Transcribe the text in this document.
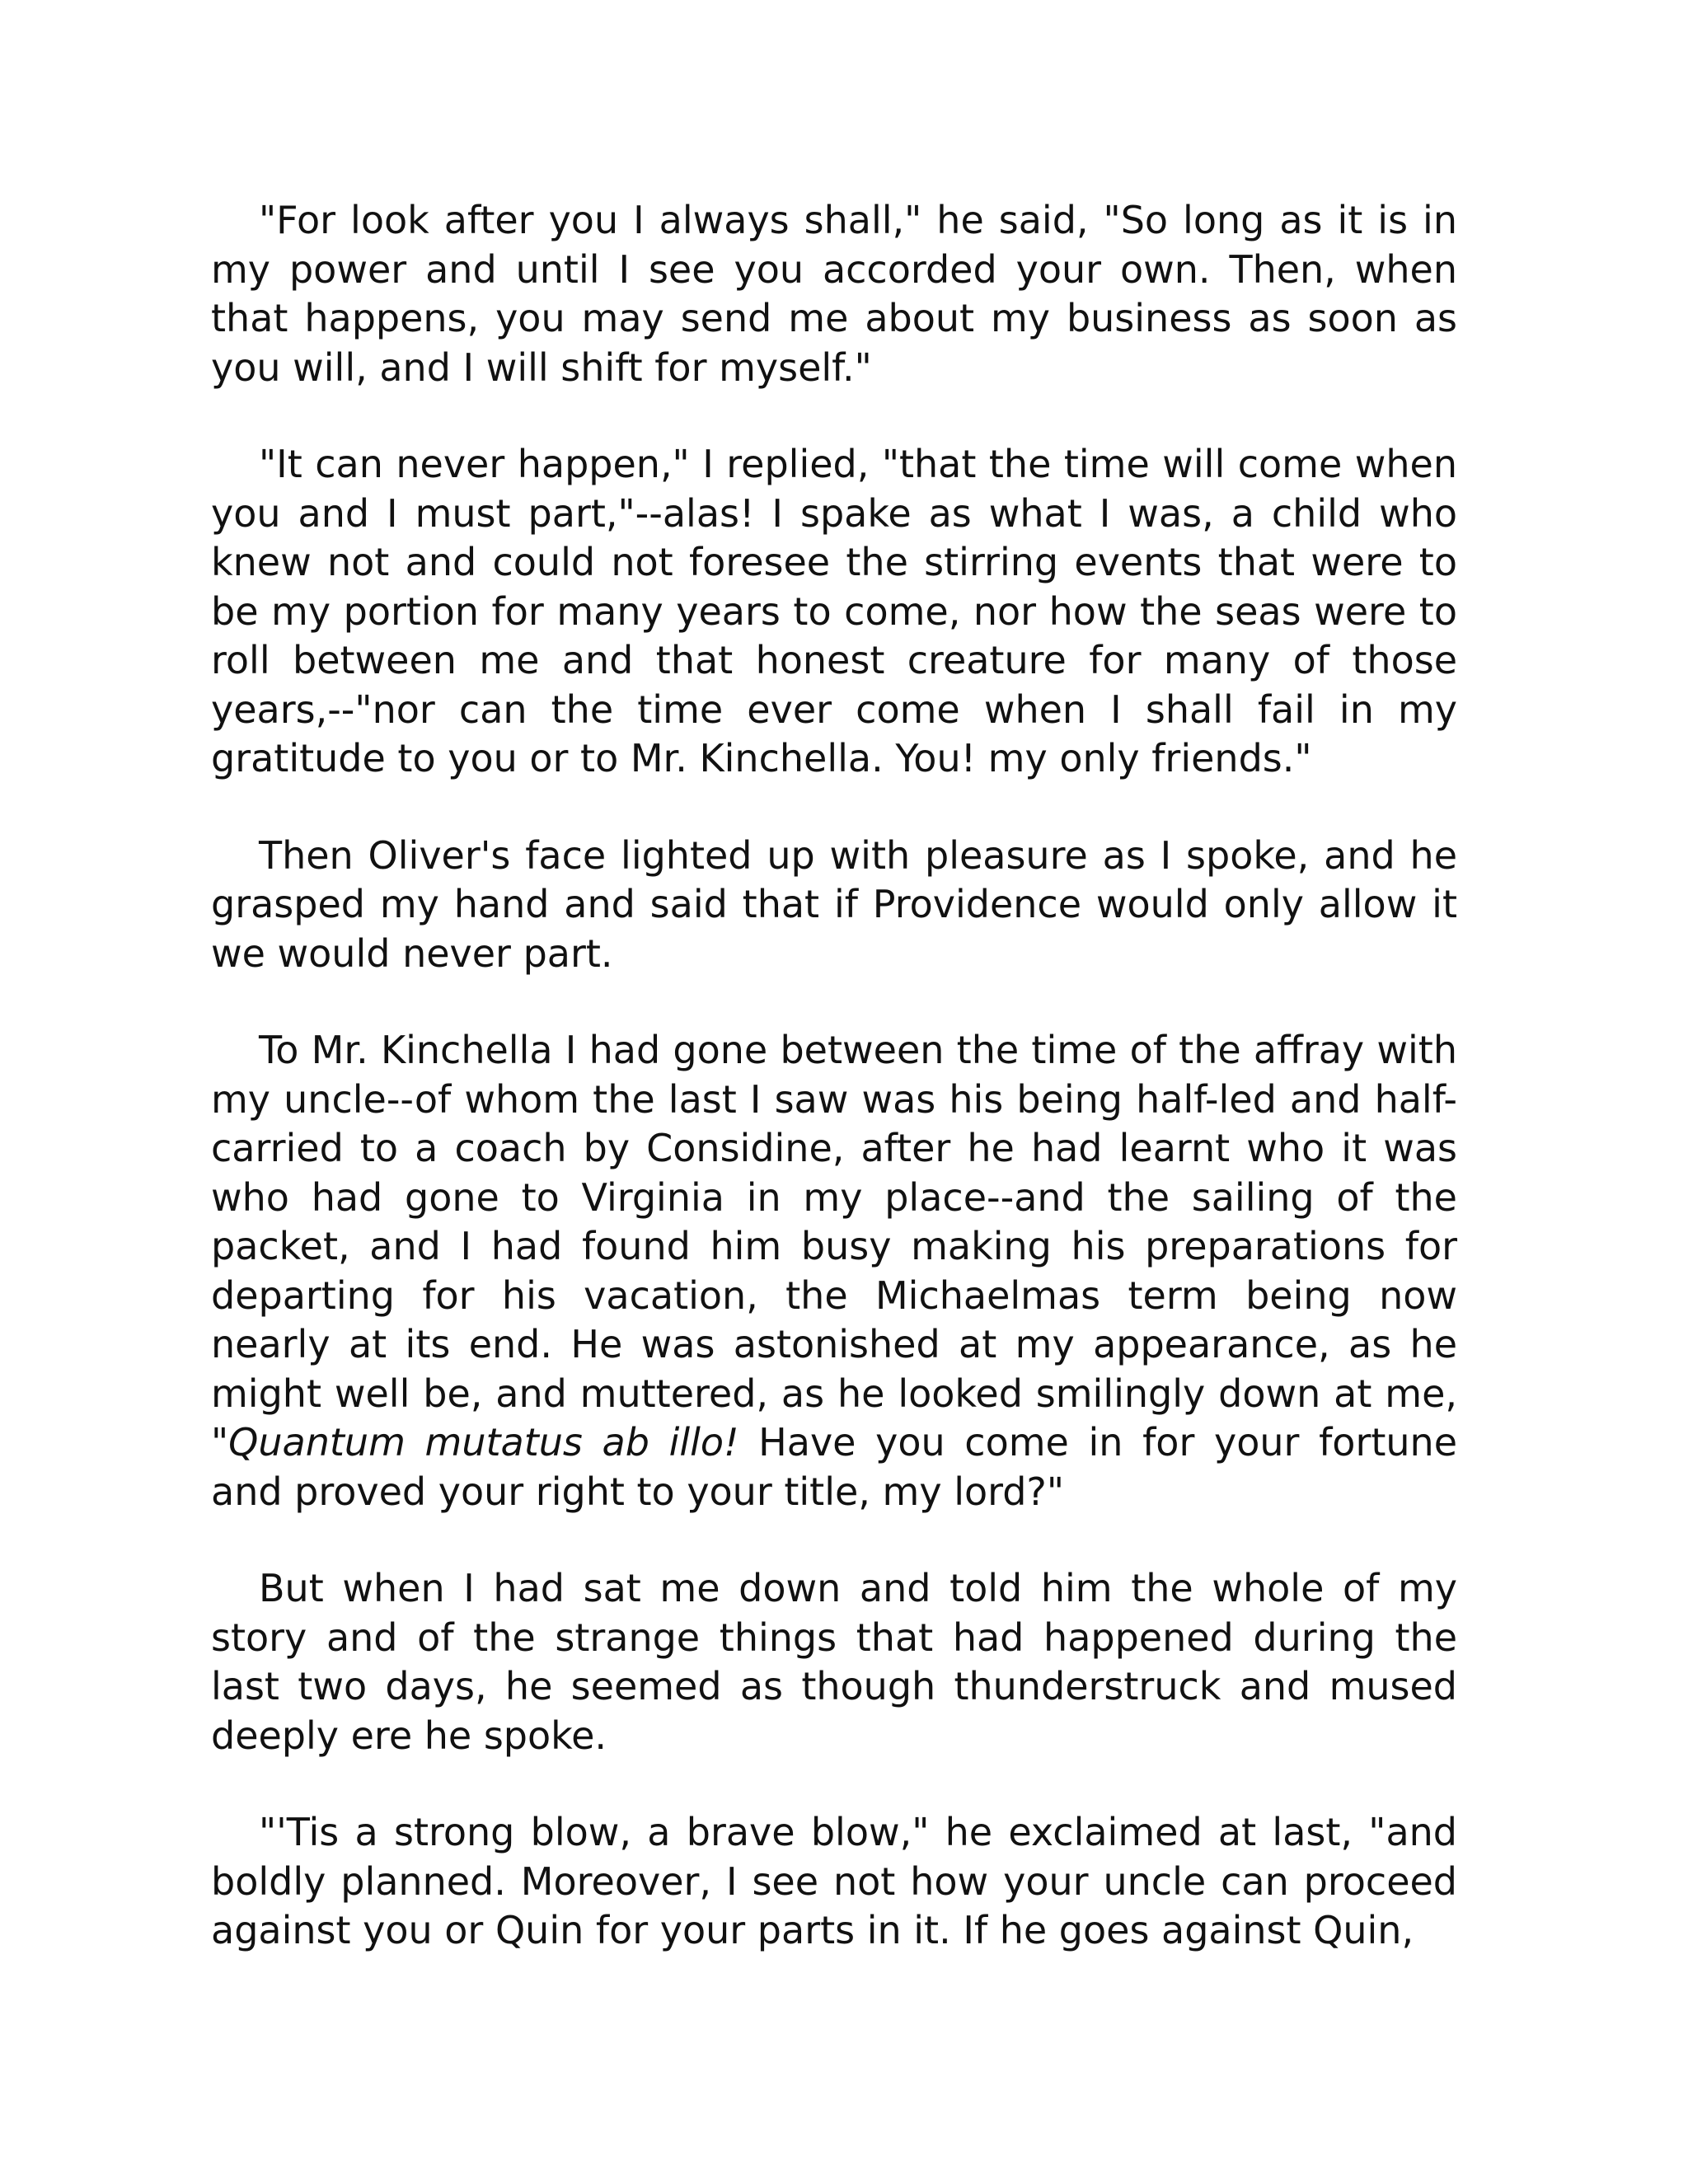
"For look after you I always shall," he said, "So long as it is in my power and until I see you accorded your own. Then, when that happens, you may send me about my business as soon as you will, and I will shift for myself."

"It can never happen," I replied, "that the time will come when you and I must part,"--alas! I spake as what I was, a child who knew not and could not foresee the stirring events that were to be my portion for many years to come, nor how the seas were to roll between me and that honest creature for many of those years,--"nor can the time ever come when I shall fail in my gratitude to you or to Mr. Kinchella. You! my only friends."

Then Oliver's face lighted up with pleasure as I spoke, and he grasped my hand and said that if Providence would only allow it we would never part.

To Mr. Kinchella I had gone between the time of the affray with my uncle--of whom the last I saw was his being half-led and half-carried to a coach by Considine, after he had learnt who it was who had gone to Virginia in my place--and the sailing of the packet, and I had found him busy making his preparations for departing for his vacation, the Michaelmas term being now nearly at its end. He was astonished at my appearance, as he might well be, and muttered, as he looked smilingly down at me, "Quantum mutatus ab illo! Have you come in for your fortune and proved your right to your title, my lord?"

But when I had sat me down and told him the whole of my story and of the strange things that had happened during the last two days, he seemed as though thunderstruck and mused deeply ere he spoke.

"'Tis a strong blow, a brave blow," he exclaimed at last, "and boldly planned. Moreover, I see not how your uncle can proceed against you or Quin for your parts in it. If he goes against Quin,
